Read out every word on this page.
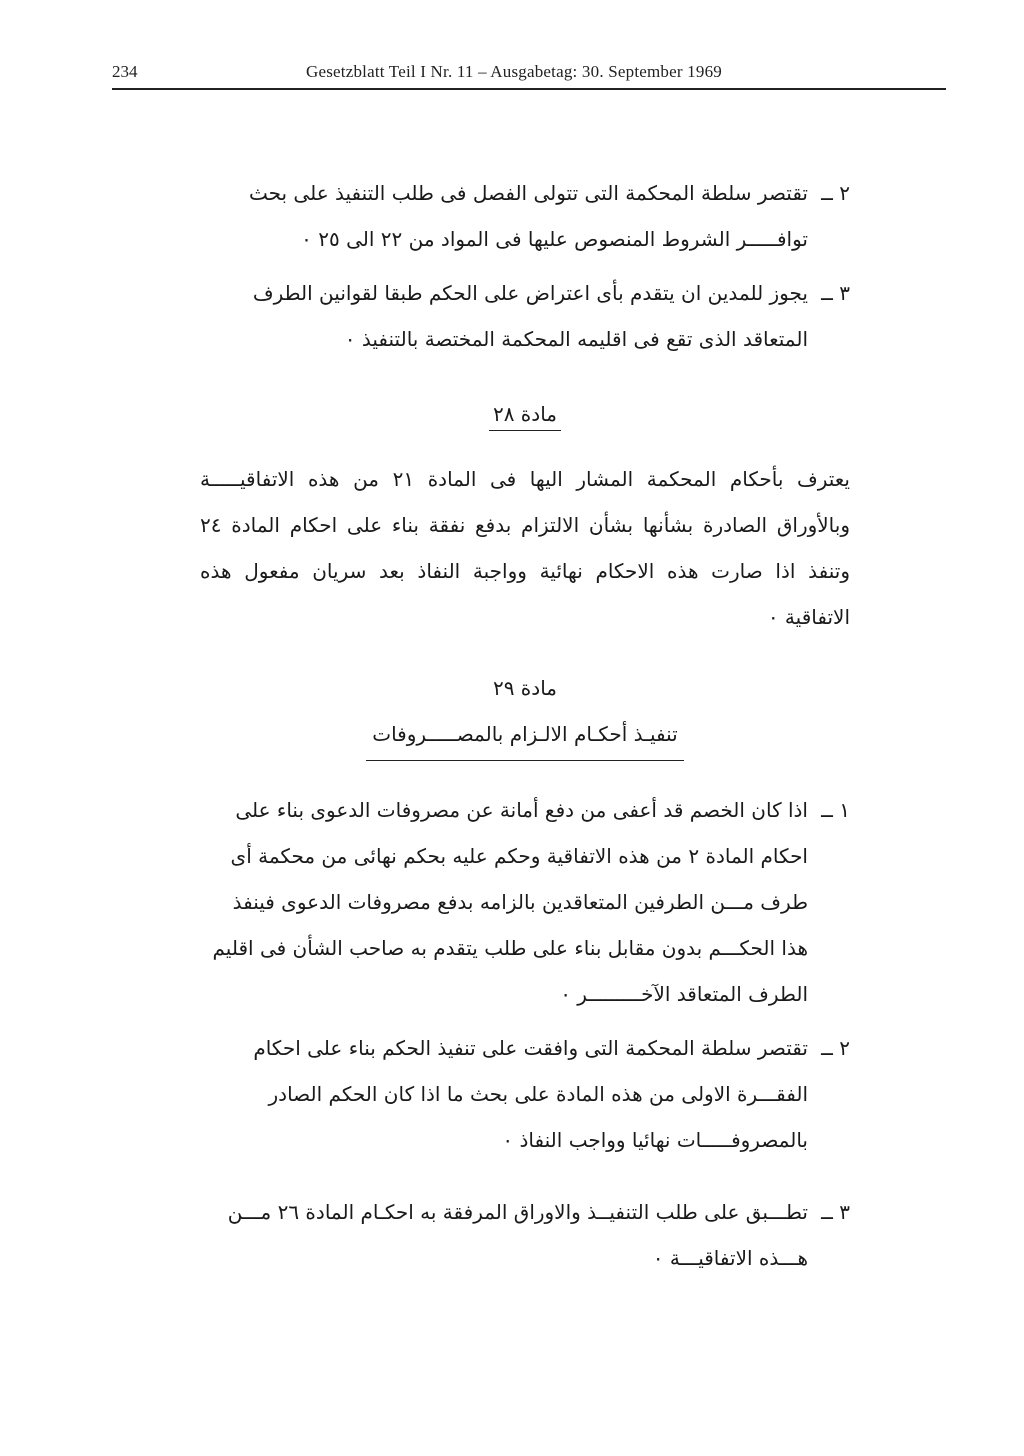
234	Gesetzblatt Teil I Nr. 11 – Ausgabetag: 30. September 1969
٢ ــ
تقتصر سلطة المحكمة التى تتولى الفصل فى طلب التنفيذ على بحث توافـــــر الشروط المنصوص عليها فى المواد من ٢٢ الى ٢٥ ٠
٣ ــ
يجوز للمدين ان يتقدم بأى اعتراض على الحكم طبقا لقوانين الطرف المتعاقد الذى تقع فى اقليمه المحكمة المختصة بالتنفيذ ٠
مادة ٢٨
يعترف بأحكام المحكمة المشار اليها فى المادة ٢١ من هذه الاتفاقيـــــة وبالأوراق الصادرة بشأنها بشأن الالتزام بدفع نفقة بناء على احكام المادة ٢٤ وتنفذ اذا صارت هذه الاحكام نهائية وواجبة النفاذ بعد سريان مفعول هذه الاتفاقية ٠
مادة ٢٩
تنفيـذ أحكـام الالـزام بالمصـــــروفات
١ ــ
اذا كان الخصم قد أعفى من دفع أمانة عن مصروفات الدعوى بناء على احكام المادة ٢ من هذه الاتفاقية وحكم عليه بحكم نهائى من محكمة أى طرف مـــن الطرفين المتعاقدين بالزامه بدفع مصروفات الدعوى فينفذ هذا الحكـــم بدون مقابل بناء على طلب يتقدم به صاحب الشأن فى اقليم الطرف المتعاقد الآخـــــــــر ٠
٢ ــ
تقتصر سلطة المحكمة التى وافقت على تنفيذ الحكم بناء على احكام الفقـــرة الاولى من هذه المادة على بحث ما اذا كان الحكم الصادر بالمصروفـــــات نهائيا وواجب النفاذ ٠
٣ ــ
تطـــبق على طلب التنفيــذ والاوراق المرفقة به احكـام المادة ٢٦ مـــن هـــذه الاتفاقيـــة ٠
